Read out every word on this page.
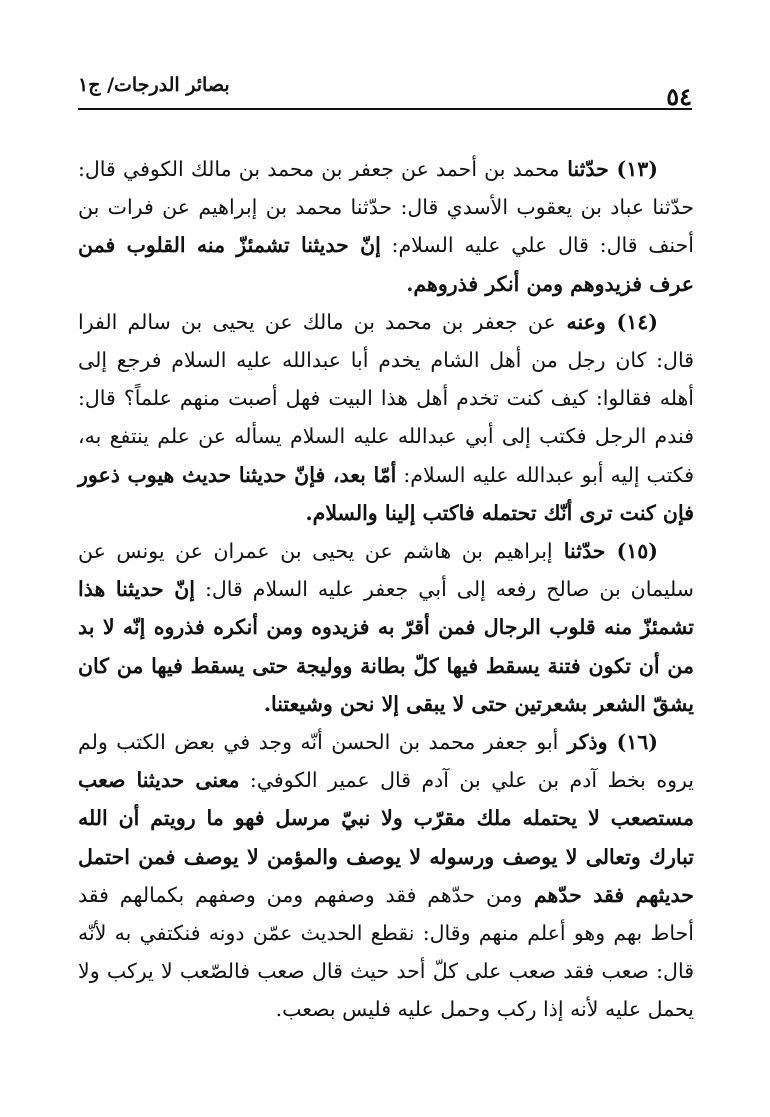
بصائر الدرجات/ ج١	٥٤

(١٣) حدّثنا محمد بن أحمد عن جعفر بن محمد بن مالك الكوفي قال: حدّثنا عباد بن يعقوب الأسدي قال: حدّثنا محمد بن إبراهيم عن فرات بن أحنف قال: قال علي عليه السلام: إنّ حديثنا تشمئزّ منه القلوب فمن عرف فزيدوهم ومن أنكر فذروهم.

(١٤) وعنه عن جعفر بن محمد بن مالك عن يحيى بن سالم الفرا قال: كان رجل من أهل الشام يخدم أبا عبدالله عليه السلام فرجع إلى أهله فقالوا: كيف كنت تخدم أهل هذا البيت فهل أصبت منهم علماً؟ قال: فندم الرجل فكتب إلى أبي عبدالله عليه السلام يسأله عن علم ينتفع به، فكتب إليه أبو عبدالله عليه السلام: أمّا بعد، فإنّ حديثنا حديث هيوب ذعور فإن كنت ترى أنّك تحتمله فاكتب إلينا والسلام.

(١٥) حدّثنا إبراهيم بن هاشم عن يحيى بن عمران عن يونس عن سليمان بن صالح رفعه إلى أبي جعفر عليه السلام قال: إنّ حديثنا هذا تشمئزّ منه قلوب الرجال فمن أقرّ به فزيدوه ومن أنكره فذروه إنّه لا بد من أن تكون فتنة يسقط فيها كلّ بطانة ووليجة حتى يسقط فيها من كان يشقّ الشعر بشعرتين حتى لا يبقى إلا نحن وشيعتنا.

(١٦) وذكر أبو جعفر محمد بن الحسن أنّه وجد في بعض الكتب ولم يروه بخط آدم بن علي بن آدم قال عمير الكوفي: معنى حديثنا صعب مستصعب لا يحتمله ملك مقرّب ولا نبيّ مرسل فهو ما رويتم أن الله تبارك وتعالى لا يوصف ورسوله لا يوصف والمؤمن لا يوصف فمن احتمل حديثهم فقد حدّهم ومن حدّهم فقد وصفهم ومن وصفهم بكمالهم فقد أحاط بهم وهو أعلم منهم وقال: نقطع الحديث عمّن دونه فنكتفي به لأنّه قال: صعب فقد صعب على كلّ أحد حيث قال صعب فالصّعب لا يركب ولا يحمل عليه لأنه إذا ركب وحمل عليه فليس بصعب.
